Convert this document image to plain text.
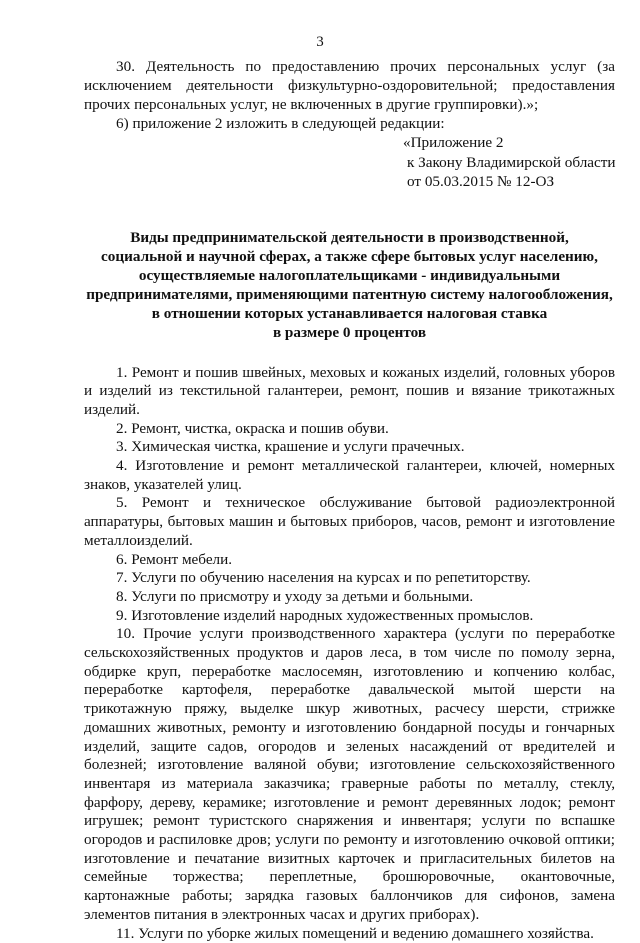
3

30. Деятельность по предоставлению прочих персональных услуг (за исключением деятельности физкультурно-оздоровительной; предоставления прочих персональных услуг, не включенных в другие группировки).»;

6) приложение 2 изложить в следующей редакции:

«Приложение 2
к Закону Владимирской области
от 05.03.2015 № 12-ОЗ
Виды предпринимательской деятельности в производственной,
социальной и научной сферах, а также сфере бытовых услуг населению,
осуществляемые налогоплательщиками - индивидуальными
предпринимателями, применяющими патентную систему налогообложения,
в отношении которых устанавливается налоговая ставка
в размере 0 процентов

1. Ремонт и пошив швейных, меховых и кожаных изделий, головных уборов и изделий из текстильной галантереи, ремонт, пошив и вязание трикотажных изделий.

2. Ремонт, чистка, окраска и пошив обуви.

3. Химическая чистка, крашение и услуги прачечных.

4. Изготовление и ремонт металлической галантереи, ключей, номерных знаков, указателей улиц.

5. Ремонт и техническое обслуживание бытовой радиоэлектронной аппаратуры, бытовых машин и бытовых приборов, часов, ремонт и изготовление металлоизделий.

6. Ремонт мебели.

7. Услуги по обучению населения на курсах и по репетиторству.

8. Услуги по присмотру и уходу за детьми и больными.

9. Изготовление изделий народных художественных промыслов.

10. Прочие услуги производственного характера (услуги по переработке сельскохозяйственных продуктов и даров леса, в том числе по помолу зерна, обдирке круп, переработке маслосемян, изготовлению и копчению колбас, переработке картофеля, переработке давальческой мытой шерсти на трикотажную пряжу, выделке шкур животных, расчесу шерсти, стрижке домашних животных, ремонту и изготовлению бондарной посуды и гончарных изделий, защите садов, огородов и зеленых насаждений от вредителей и болезней; изготовление валяной обуви; изготовление сельскохозяйственного инвентаря из материала заказчика; граверные работы по металлу, стеклу, фарфору, дереву, керамике; изготовление и ремонт деревянных лодок; ремонт игрушек; ремонт туристского снаряжения и инвентаря; услуги по вспашке огородов и распиловке дров; услуги по ремонту и изготовлению очковой оптики; изготовление и печатание визитных карточек и пригласительных билетов на семейные торжества; переплетные, брошюровочные, окантовочные, картонажные работы; зарядка газовых баллончиков для сифонов, замена элементов питания в электронных часах и других приборах).

11. Услуги по уборке жилых помещений и ведению домашнего хозяйства.
